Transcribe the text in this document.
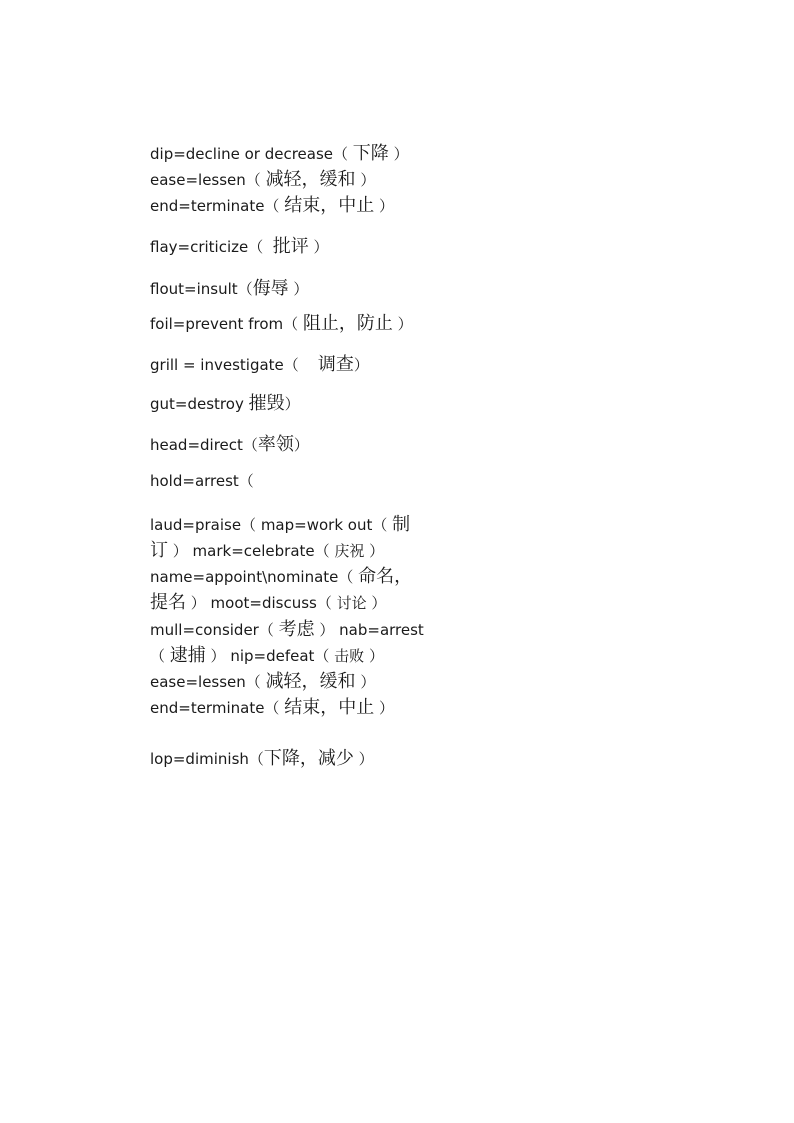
dip=decline or decrease（ 下降 ）
ease=lessen（ 减轻，缓和 ）
end=terminate（ 结束，中止 ）
flay=criticize（  批评 ）
flout=insult（侮辱 ）
foil=prevent from（ 阻止，防止 ）
grill = investigate（    调查）
gut=destroy 摧毁）
head=direct（率领）
hold=arrest（
laud=praise（ map=work out（ 制
订 ） mark=celebrate（ 庆祝 ）
name=appoint\nominate（ 命名，
提名 ） moot=discuss（ 讨论 ）
mull=consider（ 考虑 ） nab=arrest
（ 逮捕 ） nip=defeat（ 击败 ）
ease=lessen（ 减轻，缓和 ）
end=terminate（ 结束，中止 ）
lop=diminish（下降，减少 ）
